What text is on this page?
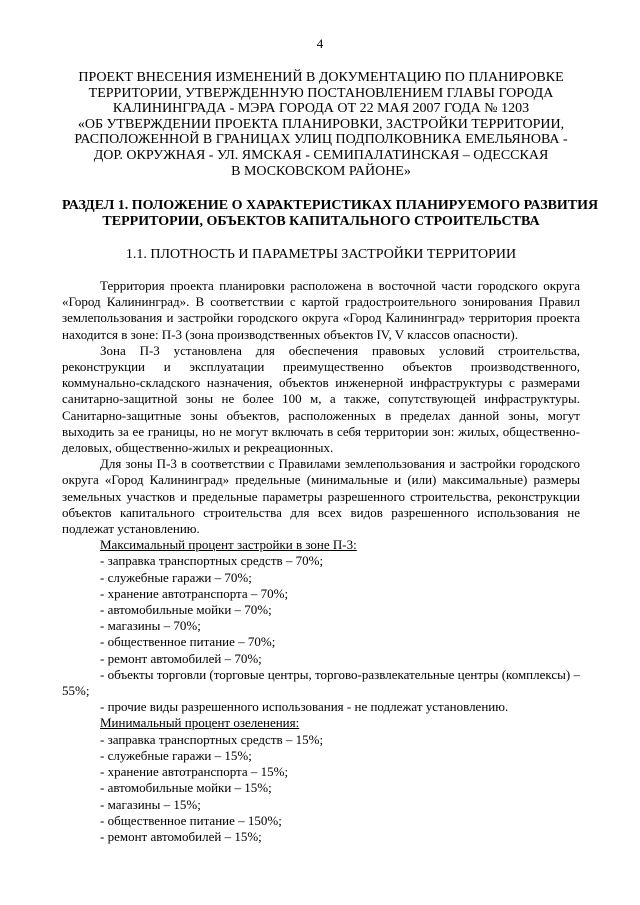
4
ПРОЕКТ ВНЕСЕНИЯ ИЗМЕНЕНИЙ В ДОКУМЕНТАЦИЮ ПО ПЛАНИРОВКЕ
ТЕРРИТОРИИ, УТВЕРЖДЕННУЮ ПОСТАНОВЛЕНИЕМ ГЛАВЫ ГОРОДА
КАЛИНИНГРАДА - МЭРА ГОРОДА ОТ 22 МАЯ 2007 ГОДА № 1203
«ОБ УТВЕРЖДЕНИИ ПРОЕКТА ПЛАНИРОВКИ, ЗАСТРОЙКИ ТЕРРИТОРИИ,
РАСПОЛОЖЕННОЙ В ГРАНИЦАХ УЛИЦ ПОДПОЛКОВНИКА ЕМЕЛЬЯНОВА -
ДОР. ОКРУЖНАЯ - УЛ. ЯМСКАЯ - СЕМИПАЛАТИНСКАЯ – ОДЕССКАЯ
В МОСКОВСКОМ РАЙОНЕ»
РАЗДЕЛ 1. ПОЛОЖЕНИЕ О ХАРАКТЕРИСТИКАХ ПЛАНИРУЕМОГО РАЗВИТИЯ
ТЕРРИТОРИИ, ОБЪЕКТОВ КАПИТАЛЬНОГО СТРОИТЕЛЬСТВА
1.1. ПЛОТНОСТЬ И ПАРАМЕТРЫ ЗАСТРОЙКИ ТЕРРИТОРИИ

Территория проекта планировки расположена в восточной части городского округа «Город Калининград». В соответствии с картой градостроительного зонирования Правил землепользования и застройки городского округа «Город Калининград» территория проекта находится в зоне: П-3 (зона производственных объектов IV, V классов опасности).

Зона П-3 установлена для обеспечения правовых условий строительства, реконструкции и эксплуатации преимущественно объектов производственного, коммунально-складского назначения, объектов инженерной инфраструктуры с размерами санитарно-защитной зоны не более 100 м, а также, сопутствующей инфраструктуры. Санитарно-защитные зоны объектов, расположенных в пределах данной зоны, могут выходить за ее границы, но не могут включать в себя территории зон: жилых, общественно-деловых, общественно-жилых и рекреационных.

Для зоны П-3 в соответствии с Правилами землепользования и застройки городского округа «Город Калининград» предельные (минимальные и (или) максимальные) размеры земельных участков и предельные параметры разрешенного строительства, реконструкции объектов капитального строительства для всех видов разрешенного использования не подлежат установлению.

Максимальный процент застройки в зоне П-3:

- заправка транспортных средств – 70%;

- служебные гаражи – 70%;

- хранение автотранспорта – 70%;

- автомобильные мойки – 70%;

- магазины – 70%;

- общественное питание – 70%;

- ремонт автомобилей – 70%;

- объекты торговли (торговые центры, торгово-развлекательные центры (комплексы) – 55%;

- прочие виды разрешенного использования - не подлежат установлению.

Минимальный процент озеленения:

- заправка транспортных средств – 15%;

- служебные гаражи – 15%;

- хранение автотранспорта – 15%;

- автомобильные мойки – 15%;

- магазины – 15%;

- общественное питание – 150%;

- ремонт автомобилей – 15%;
